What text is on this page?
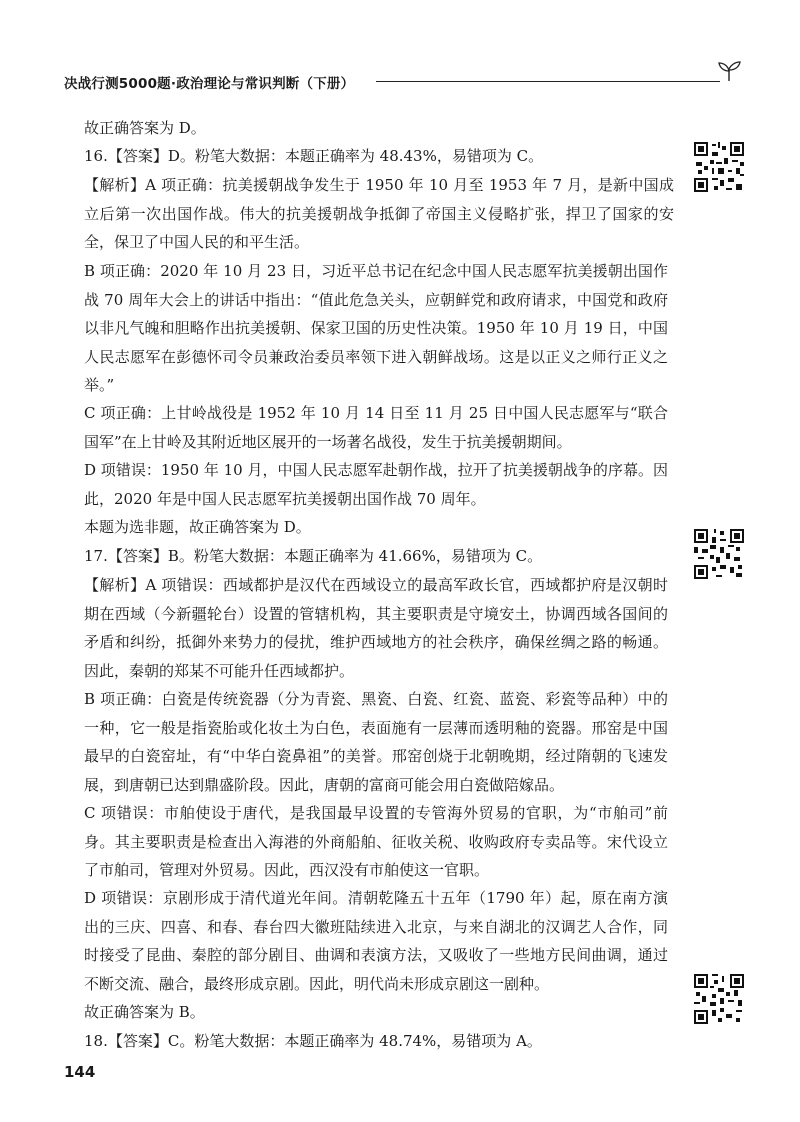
决战行测5000题·政治理论与常识判断（下册）

故正确答案为 D。

16.【答案】D。粉笔大数据：本题正确率为 48.43%，易错项为 C。

【解析】A 项正确：抗美援朝战争发生于 1950 年 10 月至 1953 年 7 月，是新中国成立后第一次出国作战。伟大的抗美援朝战争抵御了帝国主义侵略扩张，捍卫了国家的安全，保卫了中国人民的和平生活。

B 项正确：2020 年 10 月 23 日，习近平总书记在纪念中国人民志愿军抗美援朝出国作战 70 周年大会上的讲话中指出：“值此危急关头，应朝鲜党和政府请求，中国党和政府以非凡气魄和胆略作出抗美援朝、保家卫国的历史性决策。1950 年 10 月 19 日，中国人民志愿军在彭德怀司令员兼政治委员率领下进入朝鲜战场。这是以正义之师行正义之举。”

C 项正确：上甘岭战役是 1952 年 10 月 14 日至 11 月 25 日中国人民志愿军与“联合国军”在上甘岭及其附近地区展开的一场著名战役，发生于抗美援朝期间。

D 项错误：1950 年 10 月，中国人民志愿军赴朝作战，拉开了抗美援朝战争的序幕。因此，2020 年是中国人民志愿军抗美援朝出国作战 70 周年。

本题为选非题，故正确答案为 D。

17.【答案】B。粉笔大数据：本题正确率为 41.66%，易错项为 C。

【解析】A 项错误：西域都护是汉代在西域设立的最高军政长官，西域都护府是汉朝时期在西域（今新疆轮台）设置的管辖机构，其主要职责是守境安土，协调西域各国间的矛盾和纠纷，抵御外来势力的侵扰，维护西域地方的社会秩序，确保丝绸之路的畅通。因此，秦朝的郑某不可能升任西域都护。

B 项正确：白瓷是传统瓷器（分为青瓷、黑瓷、白瓷、红瓷、蓝瓷、彩瓷等品种）中的一种，它一般是指瓷胎或化妆土为白色，表面施有一层薄而透明釉的瓷器。邢窑是中国最早的白瓷窑址，有“中华白瓷鼻祖”的美誉。邢窑创烧于北朝晚期，经过隋朝的飞速发展，到唐朝已达到鼎盛阶段。因此，唐朝的富商可能会用白瓷做陪嫁品。

C 项错误：市舶使设于唐代，是我国最早设置的专管海外贸易的官职，为“市舶司”前身。其主要职责是检查出入海港的外商船舶、征收关税、收购政府专卖品等。宋代设立了市舶司，管理对外贸易。因此，西汉没有市舶使这一官职。

D 项错误：京剧形成于清代道光年间。清朝乾隆五十五年（1790 年）起，原在南方演出的三庆、四喜、和春、春台四大徽班陆续进入北京，与来自湖北的汉调艺人合作，同时接受了昆曲、秦腔的部分剧目、曲调和表演方法，又吸收了一些地方民间曲调，通过不断交流、融合，最终形成京剧。因此，明代尚未形成京剧这一剧种。

故正确答案为 B。

18.【答案】C。粉笔大数据：本题正确率为 48.74%，易错项为 A。

144
